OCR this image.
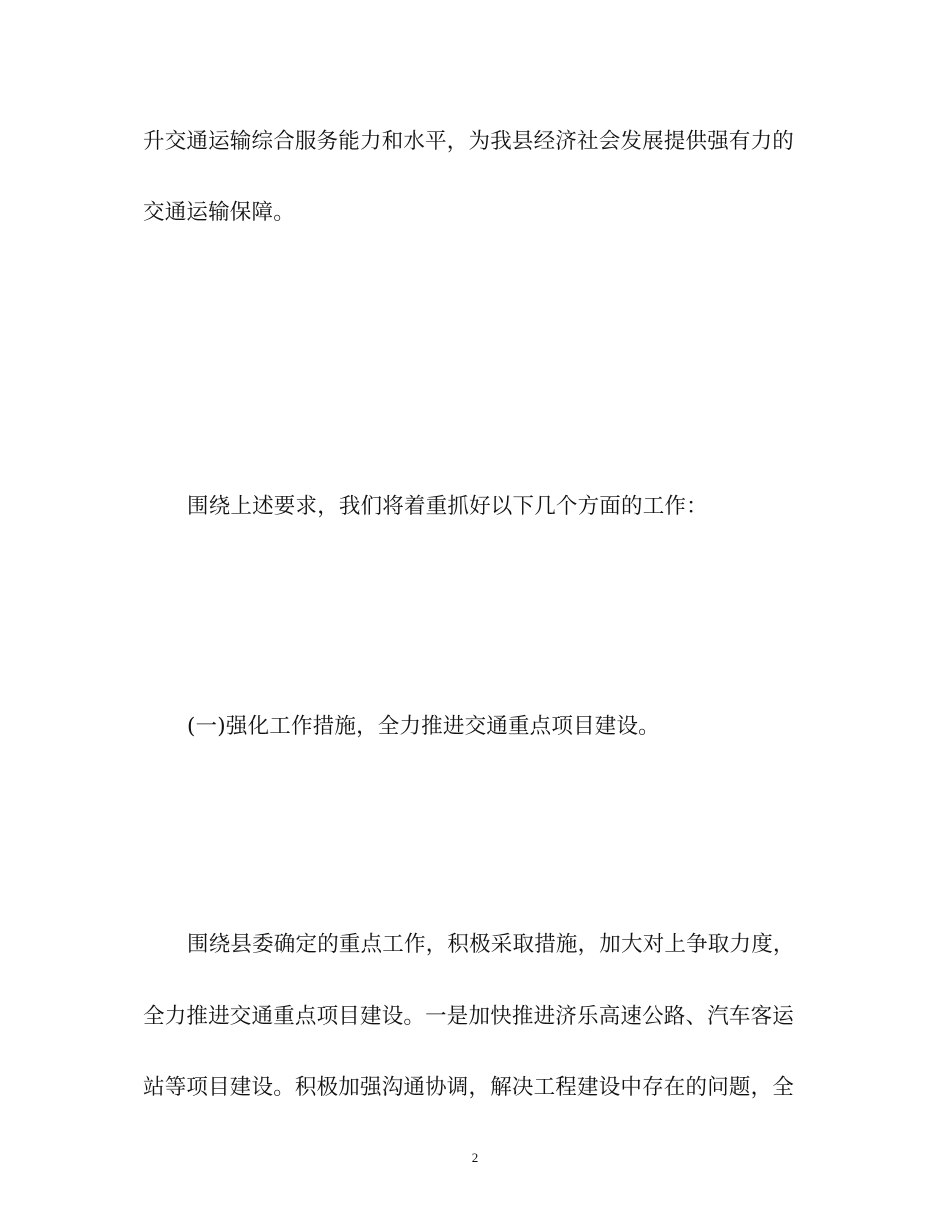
升交通运输综合服务能力和水平，为我县经济社会发展提供强有力的
交通运输保障。
围绕上述要求，我们将着重抓好以下几个方面的工作：
(一)强化工作措施，全力推进交通重点项目建设。
围绕县委确定的重点工作，积极采取措施，加大对上争取力度，
全力推进交通重点项目建设。一是加快推进济乐高速公路、汽车客运
站等项目建设。积极加强沟通协调，解决工程建设中存在的问题，全
2
